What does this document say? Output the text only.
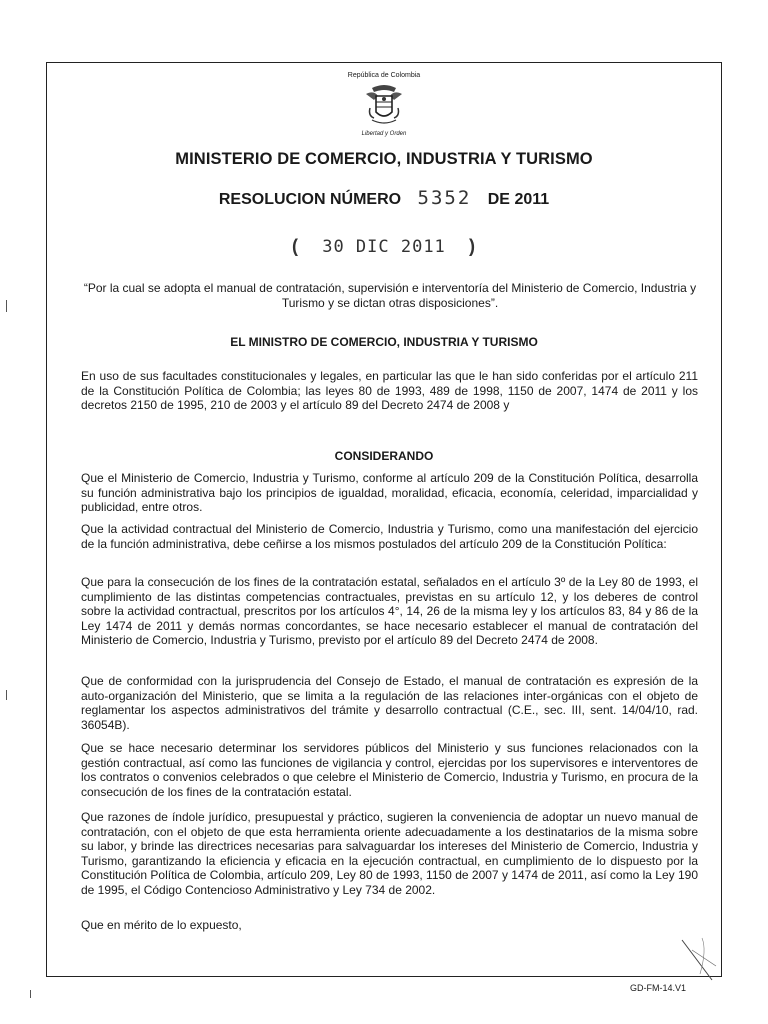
República de Colombia
Libertad y Orden
MINISTERIO DE COMERCIO, INDUSTRIA Y TURISMO
RESOLUCION NÚMERO 5352 DE 2011
( 30 DIC 2011 )
“Por la cual se adopta el manual de contratación, supervisión e interventoría del Ministerio de Comercio, Industria y Turismo y se dictan otras disposiciones”.
EL MINISTRO DE COMERCIO, INDUSTRIA Y TURISMO
En uso de sus facultades constitucionales y legales, en particular las que le han sido conferidas por el artículo 211 de la Constitución Política de Colombia; las leyes 80 de 1993, 489 de 1998, 1150 de 2007, 1474 de 2011 y los decretos 2150 de 1995, 210 de 2003 y el artículo 89 del Decreto 2474 de 2008 y
CONSIDERANDO
Que el Ministerio de Comercio, Industria y Turismo, conforme al artículo 209 de la Constitución Política, desarrolla su función administrativa bajo los principios de igualdad, moralidad, eficacia, economía, celeridad, imparcialidad y publicidad, entre otros.
Que la actividad contractual del Ministerio de Comercio, Industria y Turismo, como una manifestación del ejercicio de la función administrativa, debe ceñirse a los mismos postulados del artículo 209 de la Constitución Política:
Que para la consecución de los fines de la contratación estatal, señalados en el artículo 3º de la Ley 80 de 1993, el cumplimiento de las distintas competencias contractuales, previstas en su artículo 12, y los deberes de control sobre la actividad contractual, prescritos por los artículos 4°, 14, 26 de la misma ley y los artículos 83, 84 y 86 de la Ley 1474 de 2011 y demás normas concordantes, se hace necesario establecer el manual de contratación del Ministerio de Comercio, Industria y Turismo, previsto por el artículo 89 del Decreto 2474 de 2008.
Que de conformidad con la jurisprudencia del Consejo de Estado, el manual de contratación es expresión de la auto-organización del Ministerio, que se limita a la regulación de las relaciones inter-orgánicas con el objeto de reglamentar los aspectos administrativos del trámite y desarrollo contractual (C.E., sec. III, sent. 14/04/10, rad. 36054B).
Que se hace necesario determinar los servidores públicos del Ministerio y sus funciones relacionados con la gestión contractual, así como las funciones de vigilancia y control, ejercidas por los supervisores e interventores de los contratos o convenios celebrados o que celebre el Ministerio de Comercio, Industria y Turismo, en procura de la consecución de los fines de la contratación estatal.
Que razones de índole jurídico, presupuestal y práctico, sugieren la conveniencia de adoptar un nuevo manual de contratación, con el objeto de que esta herramienta oriente adecuadamente a los destinatarios de la misma sobre su labor, y brinde las directrices necesarias para salvaguardar los intereses del Ministerio de Comercio, Industria y Turismo, garantizando la eficiencia y eficacia en la ejecución contractual, en cumplimiento de lo dispuesto por la Constitución Política de Colombia, artículo 209, Ley 80 de 1993, 1150 de 2007 y 1474 de 2011, así como la Ley 190 de 1995, el Código Contencioso Administrativo y Ley 734 de 2002.
Que en mérito de lo expuesto,
GD-FM-14.V1
